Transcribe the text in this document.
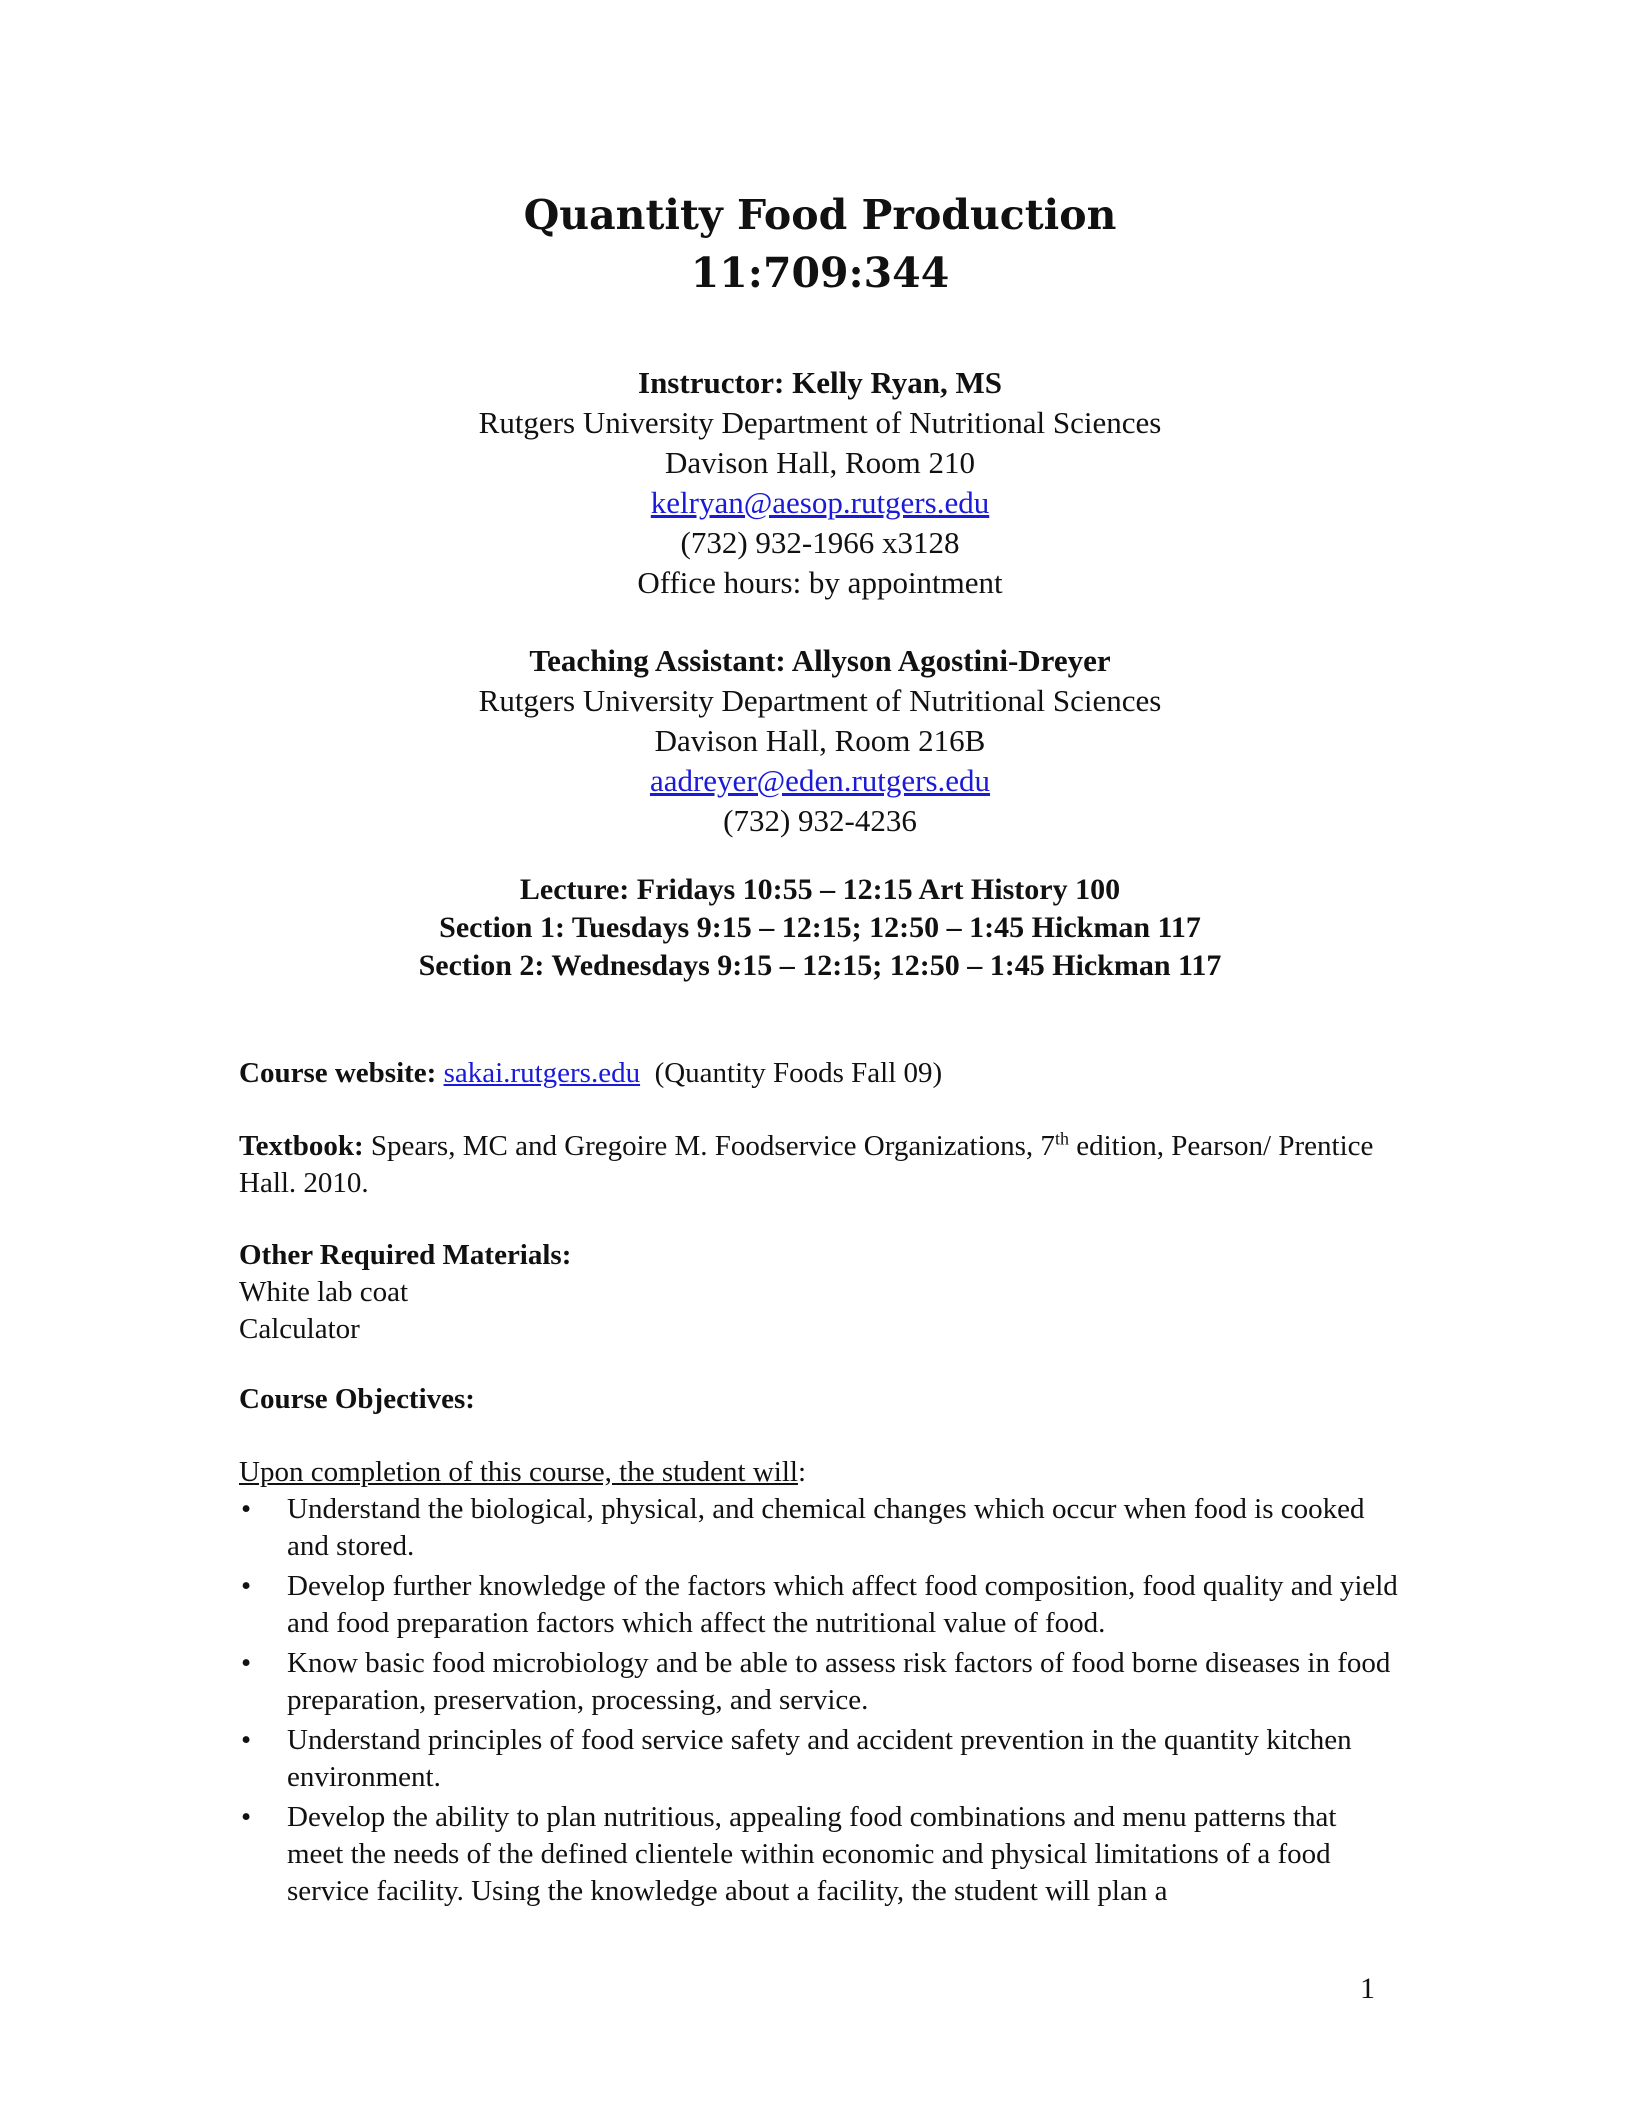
Quantity Food Production
11:709:344
Instructor: Kelly Ryan, MS
Rutgers University Department of Nutritional Sciences
Davison Hall, Room 210
kelryan@aesop.rutgers.edu
(732) 932-1966 x3128
Office hours: by appointment
Teaching Assistant: Allyson Agostini-Dreyer
Rutgers University Department of Nutritional Sciences
Davison Hall, Room 216B
aadreyer@eden.rutgers.edu
(732) 932-4236
Lecture: Fridays 10:55 – 12:15 Art History 100
Section 1: Tuesdays 9:15 – 12:15; 12:50 – 1:45 Hickman 117
Section 2: Wednesdays 9:15 – 12:15; 12:50 – 1:45 Hickman 117
Course website: sakai.rutgers.edu (Quantity Foods Fall 09)
Textbook: Spears, MC and Gregoire M. Foodservice Organizations, 7th edition, Pearson/ Prentice Hall. 2010.
Other Required Materials:
White lab coat
Calculator
Course Objectives:
Upon completion of this course, the student will:
• Understand the biological, physical, and chemical changes which occur when food is cooked and stored.
• Develop further knowledge of the factors which affect food composition, food quality and yield and food preparation factors which affect the nutritional value of food.
• Know basic food microbiology and be able to assess risk factors of food borne diseases in food preparation, preservation, processing, and service.
• Understand principles of food service safety and accident prevention in the quantity kitchen environment.
• Develop the ability to plan nutritious, appealing food combinations and menu patterns that meet the needs of the defined clientele within economic and physical limitations of a food service facility. Using the knowledge about a facility, the student will plan a
1
